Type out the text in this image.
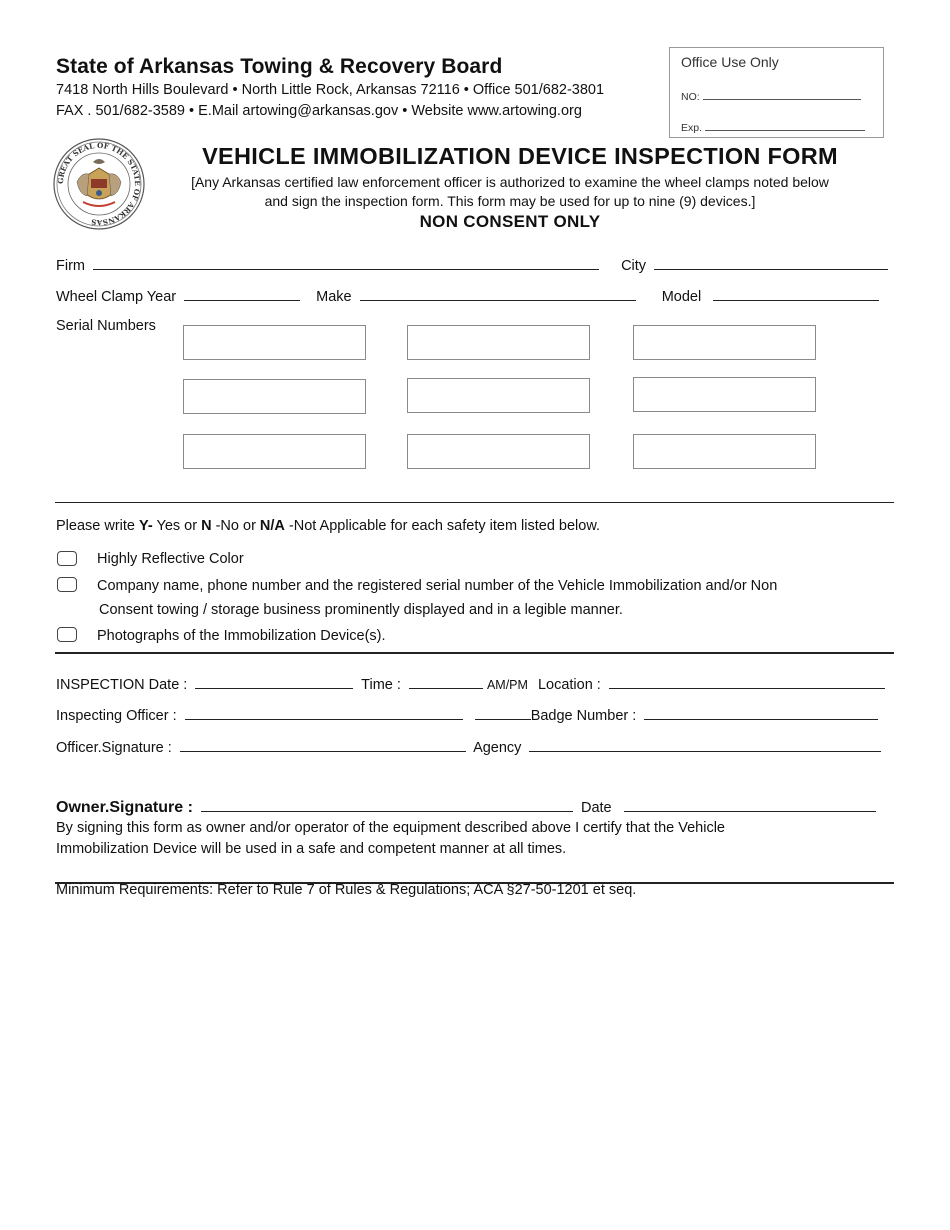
State of Arkansas Towing & Recovery Board
7418 North Hills Boulevard • North Little Rock, Arkansas 72116 • Office 501/682-3801
FAX . 501/682-3589 • E.Mail artowing@arkansas.gov • Website www.artowing.org
Office Use Only
NO:
Exp.
GREAT SEAL OF THE STATE OF ARKANSAS
VEHICLE IMMOBILIZATION DEVICE INSPECTION FORM
[Any Arkansas certified law enforcement officer is authorized to examine the wheel clamps noted below
and sign the inspection form. This form may be used for up to nine (9) devices.]
NON CONSENT ONLY
Firm	City
Wheel Clamp Year	Make	Model
Serial Numbers
Please write Y- Yes or N -No or N/A -Not Applicable for each safety item listed below.
Highly Reflective Color
Company name, phone number and the registered serial number of the Vehicle Immobilization and/or Non
Consent towing / storage business prominently displayed and in a legible manner.
Photographs of the Immobilization Device(s).
INSPECTION Date :	Time :	AM/PM Location :
Inspecting Officer :	Badge Number :
Officer.Signature :	Agency
Owner.Signature :	Date
By signing this form as owner and/or operator of the equipment described above I certify that the Vehicle
Immobilization Device will be used in a safe and competent manner at all times.
Minimum Requirements: Refer to Rule 7 of Rules & Regulations; ACA §27-50-1201 et seq.
